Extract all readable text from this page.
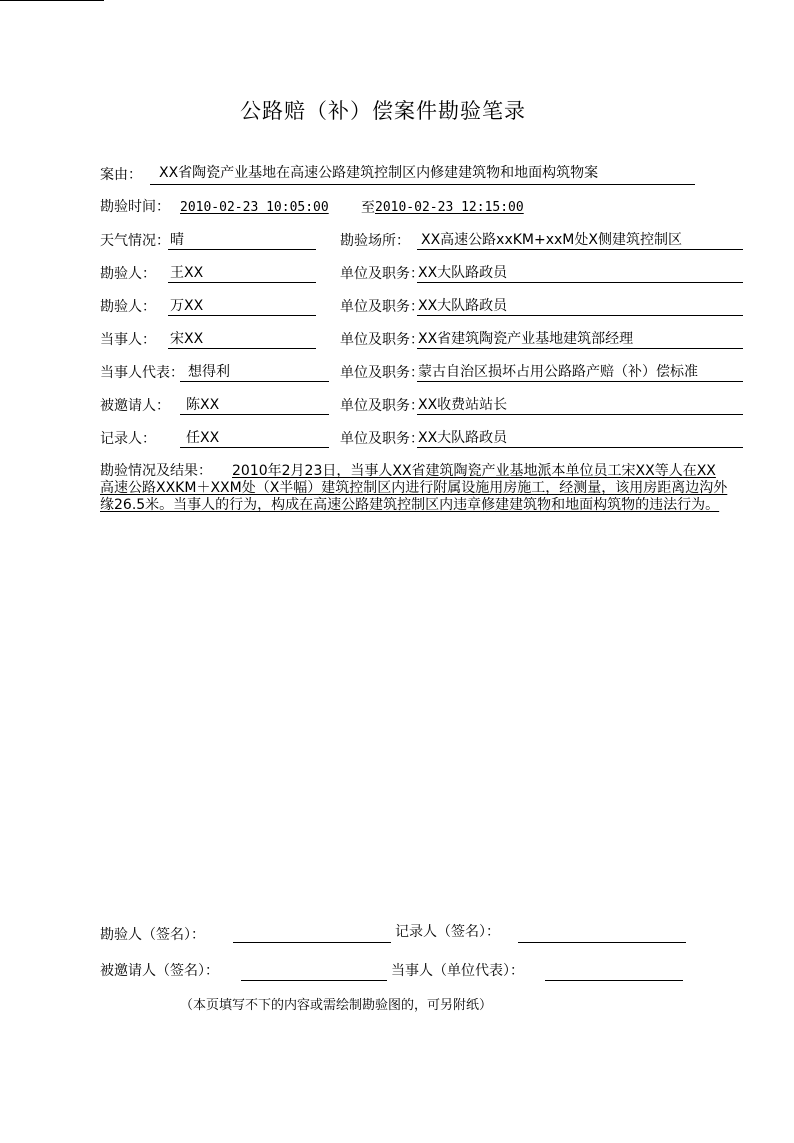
公路赔（补）偿案件勘验笔录
案由： XX省陶瓷产业基地在高速公路建筑控制区内修建建筑物和地面构筑物案
勘验时间： 2010-02-23 10:05:00 至 2010-02-23 12:15:00
天气情况： 晴	勘验场所： XX高速公路xxKM+xxM处X侧建筑控制区
勘验人： 王XX	单位及职务：
XX大队路政员
勘验人： 万XX	单位及职务：
XX大队路政员
当事人： 宋XX	单位及职务：
XX省建筑陶瓷产业基地建筑部经理
当事人代表： 想得利	单位及职务：
蒙古自治区损坏占用公路路产赔（补）偿标准
被邀请人： 陈XX	单位及职务：
XX收费站站长
记录人： 任XX	单位及职务：
XX大队路政员
勘验情况及结果： 2010年2月23日，当事人XX省建筑陶瓷产业基地派本单位员工宋XX等人在XX高速公路XXKM＋XXM处（X半幅）建筑控制区内进行附属设施用房施工，经测量，该用房距离边沟外缘26.5米。当事人的行为，构成在高速公路建筑控制区内违章修建建筑物和地面构筑物的违法行为。
勘验人（签名）：	记录人（签名）：
被邀请人（签名）：	当事人（单位代表）：
（本页填写不下的内容或需绘制勘验图的，可另附纸）
